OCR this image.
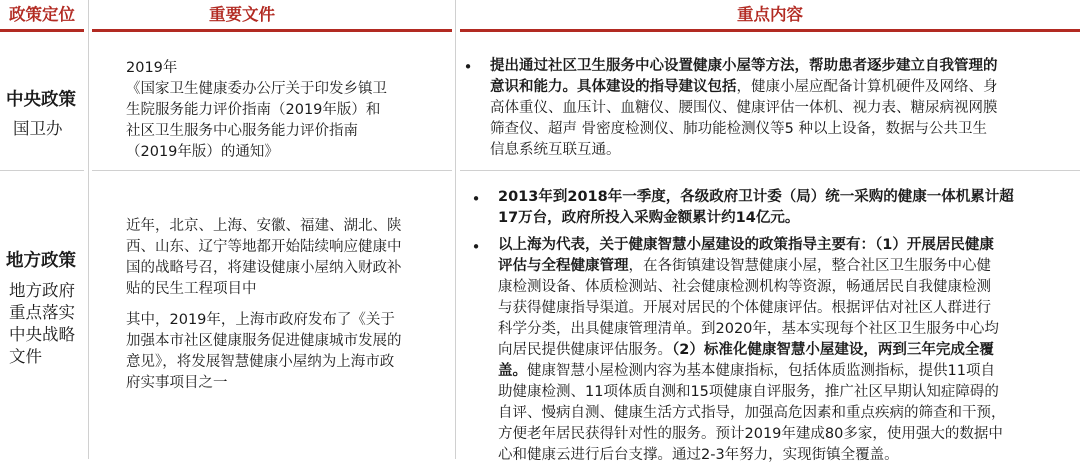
政策定位	重要文件	重点内容
中央政策
国卫办

2019年
《国家卫生健康委办公厅关于印发乡镇卫
生院服务能力评价指南（2019年版）和
社区卫生服务中心服务能力评价指南
（2019年版）的通知》

•

提出通过社区卫生服务中心设置健康小屋等方法，帮助患者逐步建立自我管理的
意识和能力。具体建设的指导建议包括，健康小屋应配备计算机硬件及网络、身
高体重仪、血压计、血糖仪、腰围仪、健康评估一体机、视力表、糖尿病视网膜
筛查仪、超声 骨密度检测仪、肺功能检测仪等5 种以上设备，数据与公共卫生
信息系统互联互通。

地方政策
地方政府
重点落实
中央战略
文件

近年，北京、上海、安徽、福建、湖北、陕
西、山东、辽宁等地都开始陆续响应健康中
国的战略号召，将建设健康小屋纳入财政补
贴的民生工程项目中

其中，2019年，上海市政府发布了《关于
加强本市社区健康服务促进健康城市发展的
意见》，将发展智慧健康小屋纳为上海市政
府实事项目之一

•

2013年到2018年一季度，各级政府卫计委（局）统一采购的健康一体机累计超
17万台，政府所投入采购金额累计约14亿元。

•

以上海为代表，关于健康智慧小屋建设的政策指导主要有：（1）开展居民健康
评估与全程健康管理，在各街镇建设智慧健康小屋，整合社区卫生服务中心健
康检测设备、体质检测站、社会健康检测机构等资源，畅通居民自我健康检测
与获得健康指导渠道。开展对居民的个体健康评估。根据评估对社区人群进行
科学分类，出具健康管理清单。到2020年，基本实现每个社区卫生服务中心均
向居民提供健康评估服务。（2）标准化健康智慧小屋建设，两到三年完成全覆
盖。健康智慧小屋检测内容为基本健康指标，包括体质监测指标，提供11项自
助健康检测、11项体质自测和15项健康自评服务，推广社区早期认知症障碍的
自评、慢病自测、健康生活方式指导，加强高危因素和重点疾病的筛查和干预，
方便老年居民获得针对性的服务。预计2019年建成80多家，使用强大的数据中
心和健康云进行后台支撑。通过2-3年努力，实现街镇全覆盖。
